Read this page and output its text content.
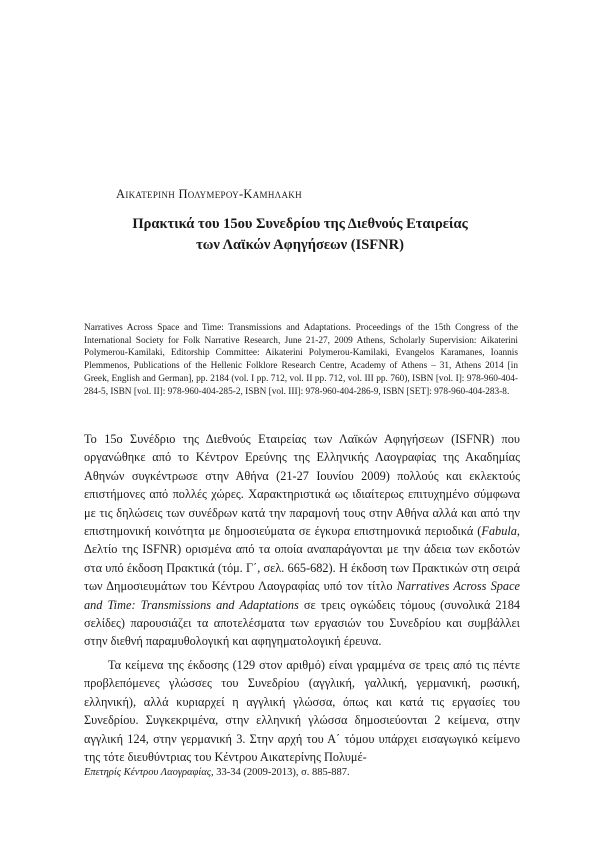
Αικατερινη Πολυμερου-Καμηλακη

Πρακτικά του 15ου Συνεδρίου της Διεθνούς Εταιρείας
των Λαϊκών Αφηγήσεων (ISFNR)

Narratives Across Space and Time: Transmissions and Adaptations. Proceedings of the 15th Congress of the International Society for Folk Narrative Research, June 21-27, 2009 Athens, Scholarly Supervision: Aikaterini Polymerou-Kamilaki, Editorship Committee: Aikaterini Polymerou-Kamilaki, Evangelos Karamanes, Ioannis Plemmenos, Publications of the Hellenic Folklore Research Centre, Academy of Athens – 31, Athens 2014 [in Greek, English and German], pp. 2184 (vol. I pp. 712, vol. II pp. 712, vol. III pp. 760), ISBN [vol. I]: 978-960-404-284-5, ISBN [vol. II]: 978-960-404-285-2, ISBN [vol. III]: 978-960-404-286-9, ISBN [SET]: 978-960-404-283-8.

Το 15ο Συνέδριο της Διεθνούς Εταιρείας των Λαϊκών Αφηγήσεων (ISFNR) που οργανώθηκε από το Κέντρον Ερεύνης της Ελληνικής Λαογραφίας της Ακαδημίας Αθηνών συγκέντρωσε στην Αθήνα (21-27 Ιουνίου 2009) πολλούς και εκλεκτούς επιστήμονες από πολλές χώρες. Χαρακτηριστικά ως ιδιαίτερως επιτυχημένο σύμφωνα με τις δηλώσεις των συνέδρων κατά την παραμονή τους στην Αθήνα αλλά και από την επιστημονική κοινότητα με δημοσιεύματα σε έγκυρα επιστημονικά περιοδικά (Fabula, Δελτίο της ISFNR) ορισμένα από τα οποία αναπαράγονται με την άδεια των εκδοτών στα υπό έκδοση Πρακτικά (τόμ. Γ΄, σελ. 665-682). Η έκδοση των Πρακτικών στη σειρά των Δημοσιευμάτων του Κέντρου Λαογραφίας υπό τον τίτλο Narratives Across Space and Time: Transmissions and Adaptations σε τρεις ογκώδεις τόμους (συνολικά 2184 σελίδες) παρουσιάζει τα αποτελέσματα των εργασιών του Συνεδρίου και συμβάλλει στην διεθνή παραμυθολογική και αφηγηματολογική έρευνα.

Τα κείμενα της έκδοσης (129 στον αριθμό) είναι γραμμένα σε τρεις από τις πέντε προβλεπόμενες γλώσσες του Συνεδρίου (αγγλική, γαλλική, γερμανική, ρωσική, ελληνική), αλλά κυριαρχεί η αγγλική γλώσσα, όπως και κατά τις εργασίες του Συνεδρίου. Συγκεκριμένα, στην ελληνική γλώσσα δημοσιεύονται 2 κείμενα, στην αγγλική 124, στην γερμανική 3. Στην αρχή του Α΄ τόμου υπάρχει εισαγωγικό κείμενο της τότε διευθύντριας του Κέντρου Αικατερίνης Πολυμέ-

Επετηρίς Κέντρου Λαογραφίας, 33-34 (2009-2013), σ. 885-887.
